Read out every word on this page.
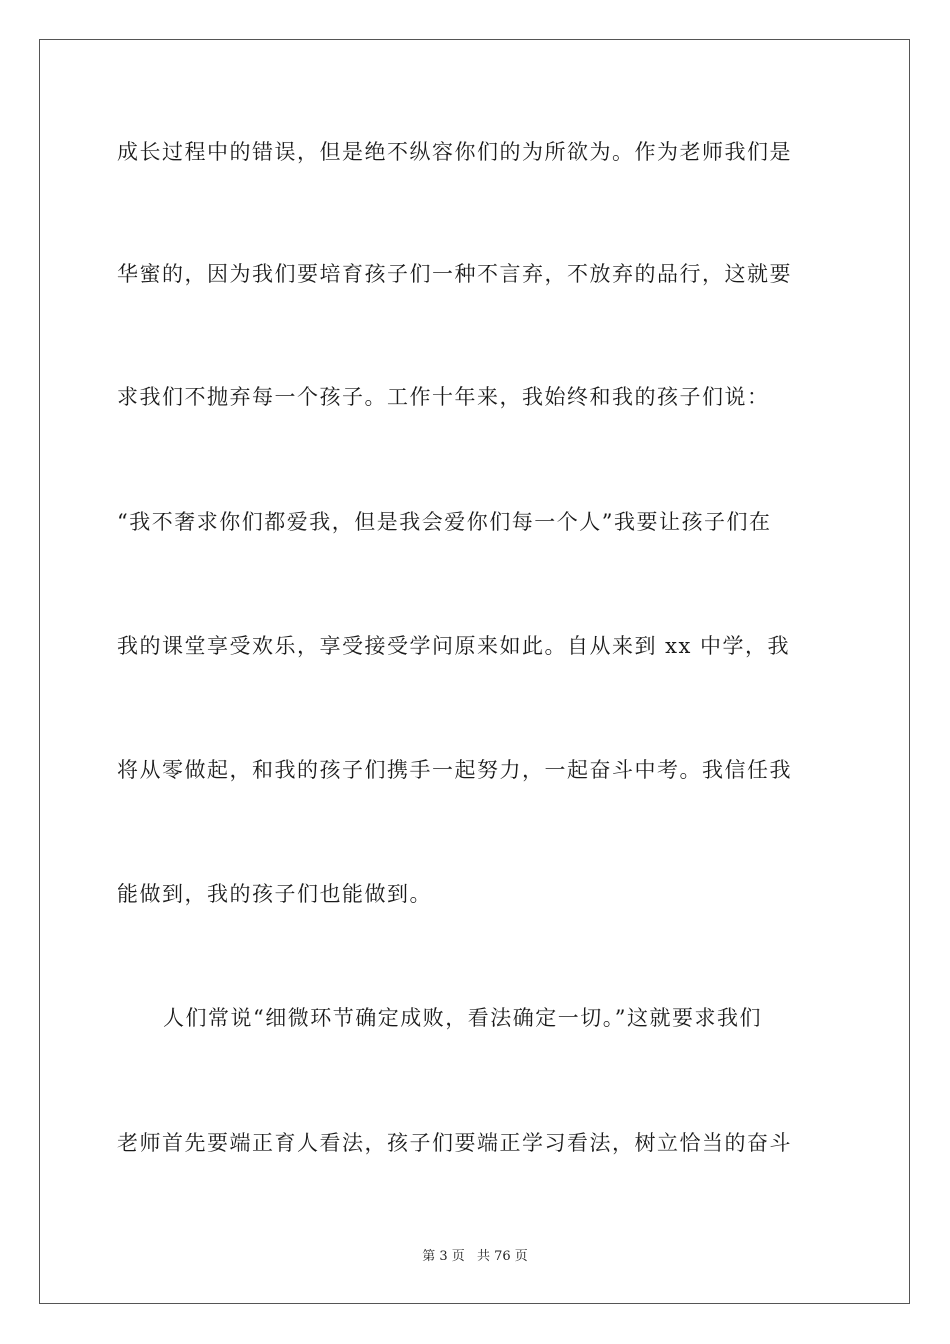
成长过程中的错误，但是绝不纵容你们的为所欲为。作为老师我们是
华蜜的，因为我们要培育孩子们一种不言弃，不放弃的品行，这就要
求我们不抛弃每一个孩子。工作十年来，我始终和我的孩子们说：
“我不奢求你们都爱我，但是我会爱你们每一个人”我要让孩子们在
我的课堂享受欢乐，享受接受学问原来如此。自从来到 xx 中学，我
将从零做起，和我的孩子们携手一起努力，一起奋斗中考。我信任我
能做到，我的孩子们也能做到。
人们常说“细微环节确定成败，看法确定一切。”这就要求我们
老师首先要端正育人看法，孩子们要端正学习看法，树立恰当的奋斗
第 3 页 共 76 页
